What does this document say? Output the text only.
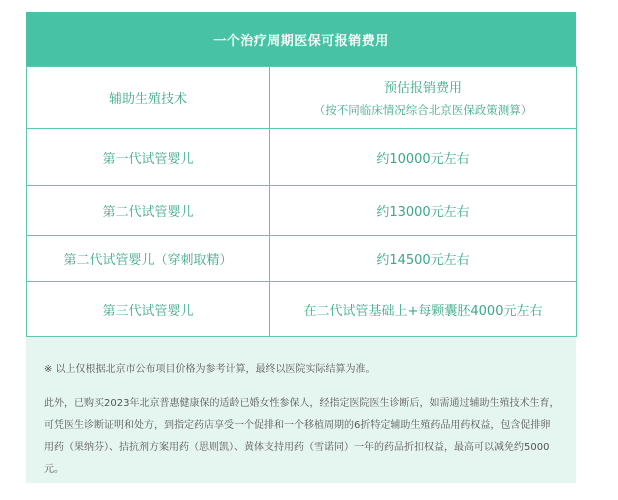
一个治疗周期医保可报销费用
辅助生殖技术	预估报销费用
（按不同临床情况综合北京医保政策测算）

第一代试管婴儿	约10000元左右
第二代试管婴儿	约13000元左右
第二代试管婴儿（穿刺取精）	约14500元左右
第三代试管婴儿	在二代试管基础上+每颗囊胚4000元左右

※ 以上仅根据北京市公布项目价格为参考计算，最终以医院实际结算为准。

此外，已购买2023年北京普惠健康保的适龄已婚女性参保人，经指定医院医生诊断后，如需通过辅助生殖技术生育，可凭医生诊断证明和处方，到指定药店享受一个促排和一个移植周期的6折特定辅助生殖药品用药权益，包含促排卵用药（果纳芬）、拮抗剂方案用药（思则凯）、黄体支持用药（雪诺同）一年的药品折扣权益，最高可以减免约5000元。
